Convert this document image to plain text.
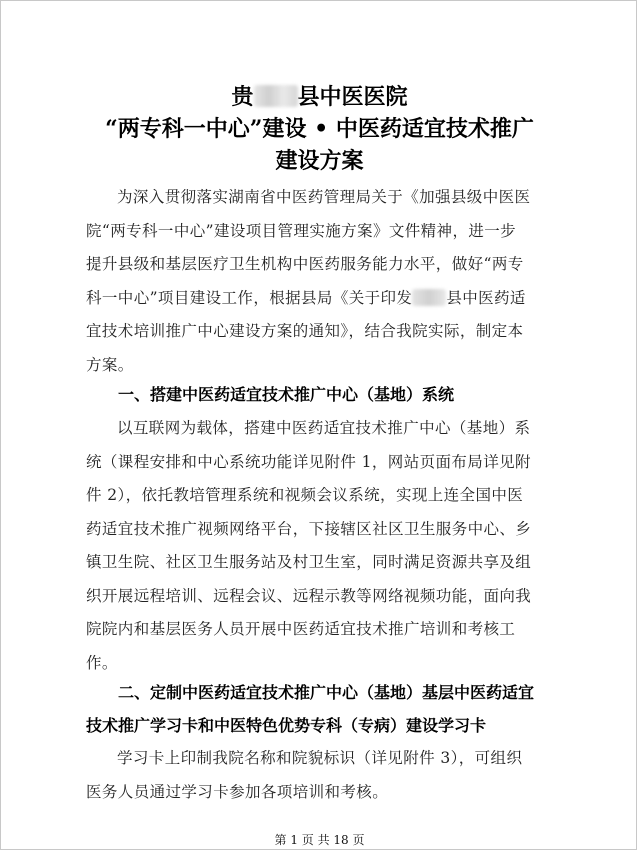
贵 县中医医院
“两专科一中心”建设 • 中医药适宜技术推广
建设方案
为深入贯彻落实湖南省中医药管理局关于《加强县级中医医
院“两专科一中心”建设项目管理实施方案》文件精神，进一步
提升县级和基层医疗卫生机构中医药服务能力水平，做好“两专
科一中心”项目建设工作，根据县局《关于印发 县中医药适
宜技术培训推广中心建设方案的通知》，结合我院实际，制定本
方案。
一、搭建中医药适宜技术推广中心（基地）系统
以互联网为载体，搭建中医药适宜技术推广中心（基地）系
统（课程安排和中心系统功能详见附件 1，网站页面布局详见附
件 2），依托教培管理系统和视频会议系统，实现上连全国中医
药适宜技术推广视频网络平台，下接辖区社区卫生服务中心、乡
镇卫生院、社区卫生服务站及村卫生室，同时满足资源共享及组
织开展远程培训、远程会议、远程示教等网络视频功能，面向我
院院内和基层医务人员开展中医药适宜技术推广培训和考核工
作。
二、定制中医药适宜技术推广中心（基地）基层中医药适宜
技术推广学习卡和中医特色优势专科（专病）建设学习卡
学习卡上印制我院名称和院貌标识（详见附件 3），可组织
医务人员通过学习卡参加各项培训和考核。
第 1 页 共 18 页
